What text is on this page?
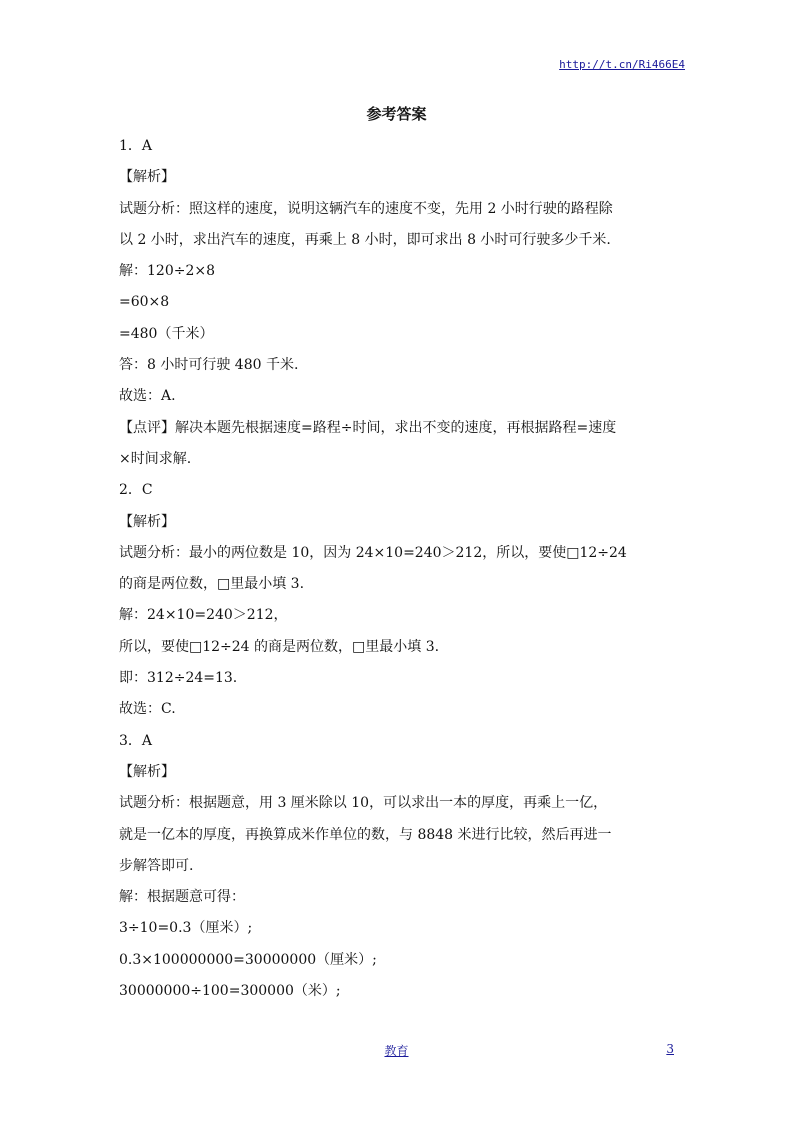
http://t.cn/Ri466E4
参考答案

1．A

【解析】

试题分析：照这样的速度，说明这辆汽车的速度不变，先用 2 小时行驶的路程除

以 2 小时，求出汽车的速度，再乘上 8 小时，即可求出 8 小时可行驶多少千米.

解：120÷2×8

=60×8

=480（千米）

答：8 小时可行驶 480 千米.

故选：A.

【点评】解决本题先根据速度=路程÷时间，求出不变的速度，再根据路程=速度

×时间求解.

2．C

【解析】

试题分析：最小的两位数是 10，因为 24×10=240＞212，所以，要使□12÷24

的商是两位数，□里最小填 3.

解：24×10=240＞212，

所以，要使□12÷24 的商是两位数，□里最小填 3.

即：312÷24=13.

故选：C.

3．A

【解析】

试题分析：根据题意，用 3 厘米除以 10，可以求出一本的厚度，再乘上一亿，

就是一亿本的厚度，再换算成米作单位的数，与 8848 米进行比较，然后再进一

步解答即可.

解：根据题意可得：

3÷10=0.3（厘米）;

0.3×100000000=30000000（厘米）;

30000000÷100=300000（米）;

教育	3
